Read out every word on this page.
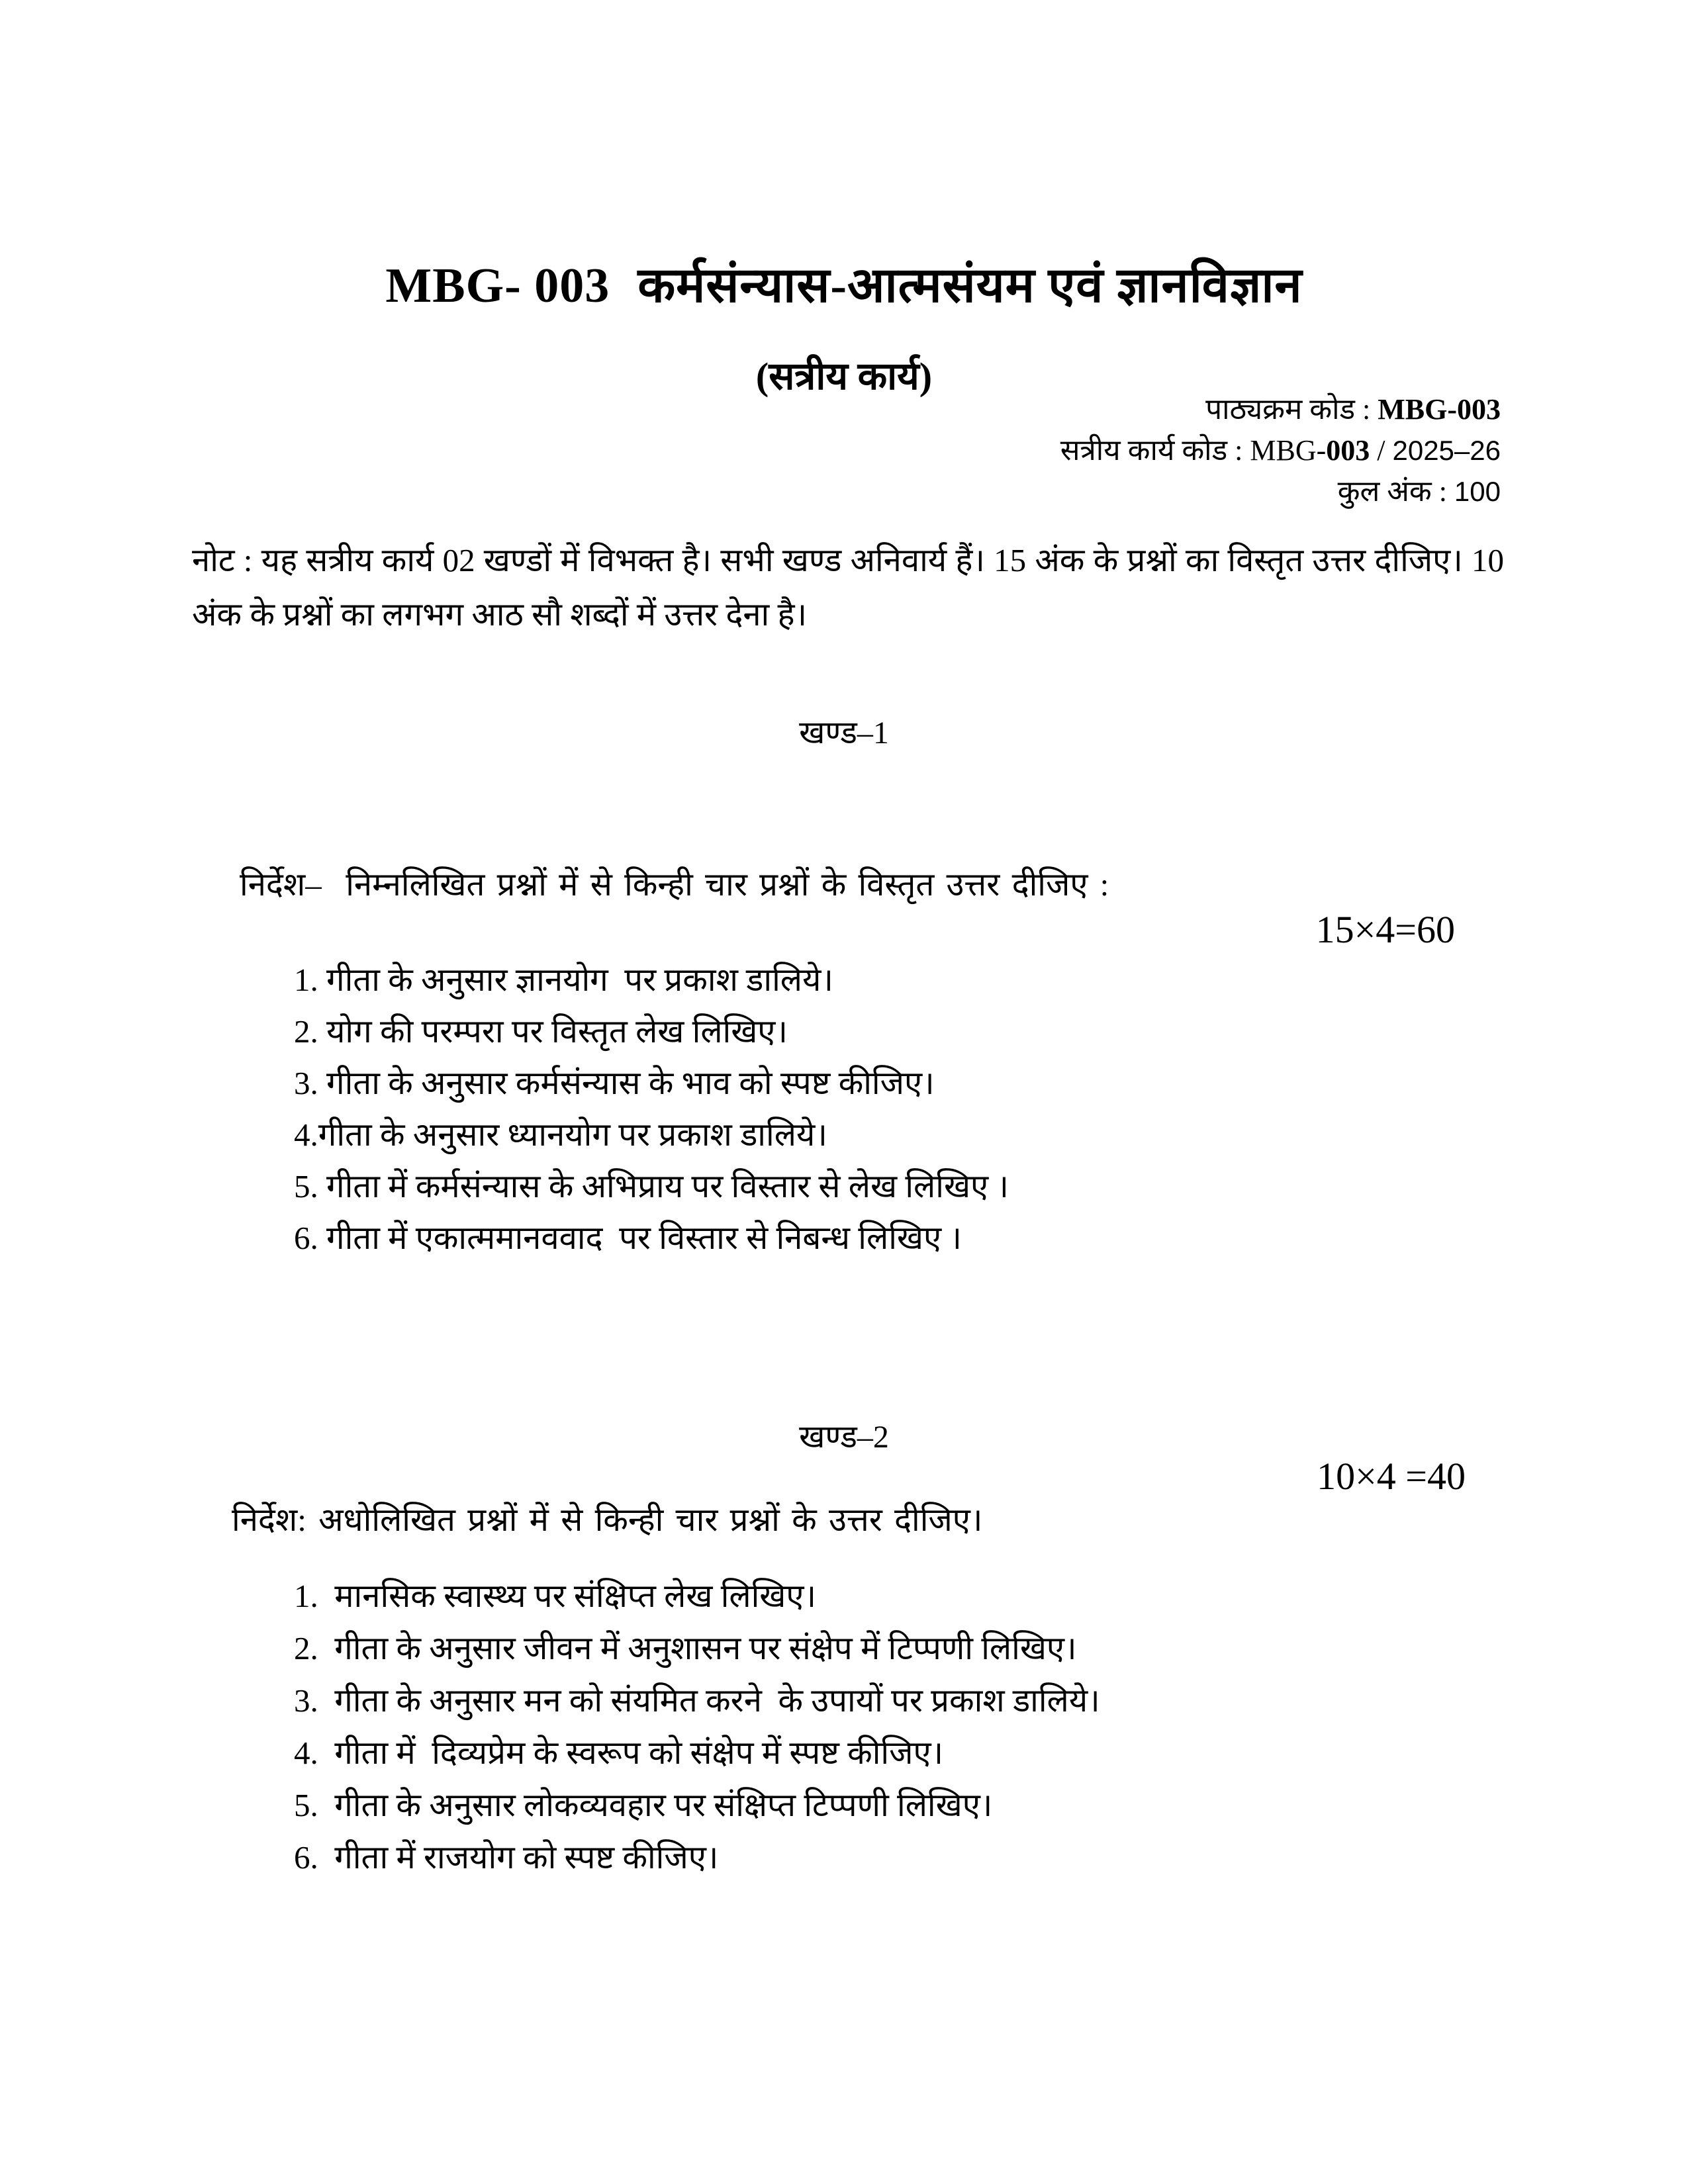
MBG- 003 कर्मसंन्यास-आत्मसंयम एवं ज्ञानविज्ञान
(सत्रीय कार्य)
पाठ्यक्रम कोड : MBG-003
सत्रीय कार्य कोड : MBG-003 / 2025–26
कुल अंक : 100
नोट : यह सत्रीय कार्य 02 खण्डों में विभक्त है। सभी खण्ड अनिवार्य हैं। 15 अंक के प्रश्नों का विस्तृत उत्तर दीजिए। 10 अंक के प्रश्नों का लगभग आठ सौ शब्दों में उत्तर देना है।
खण्ड–1
निर्देश–  निम्नलिखित प्रश्नों में से किन्ही चार प्रश्नों के विस्तृत उत्तर दीजिए :
15×4=60
1. गीता के अनुसार ज्ञानयोग  पर प्रकाश डालिये।
2. योग की परम्परा पर विस्तृत लेख लिखिए।
3. गीता के अनुसार कर्मसंन्यास के भाव को स्पष्ट कीजिए।
4.गीता के अनुसार ध्यानयोग पर प्रकाश डालिये।
5. गीता में कर्मसंन्यास के अभिप्राय पर विस्तार से लेख लिखिए ।
6. गीता में एकात्ममानववाद  पर विस्तार से निबन्ध लिखिए ।
खण्ड–2
10×4 =40
निर्देश: अधोलिखित प्रश्नों में से किन्ही चार प्रश्नों के उत्तर दीजिए।
1.  मानसिक स्वास्थ्य पर संक्षिप्त लेख लिखिए।
2.  गीता के अनुसार जीवन में अनुशासन पर संक्षेप में टिप्पणी लिखिए।
3.  गीता के अनुसार मन को संयमित करने  के उपायों पर प्रकाश डालिये।
4.  गीता में  दिव्यप्रेम के स्वरूप को संक्षेप में स्पष्ट कीजिए।
5.  गीता के अनुसार लोकव्यवहार पर संक्षिप्त टिप्पणी लिखिए।
6.  गीता में राजयोग को स्पष्ट कीजिए।
